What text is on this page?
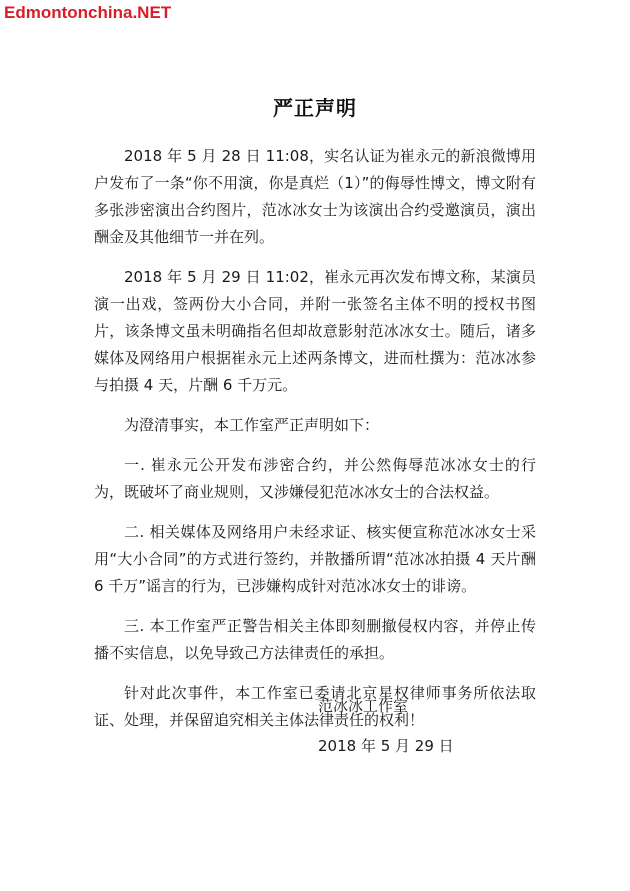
Edmontonchina.NET
严正声明

2018 年 5 月 28 日 11:08，实名认证为崔永元的新浪微博用户发布了一条“你不用演，你是真烂（1）”的侮辱性博文，博文附有多张涉密演出合约图片，范冰冰女士为该演出合约受邀演员，演出酬金及其他细节一并在列。

2018 年 5 月 29 日 11:02，崔永元再次发布博文称，某演员演一出戏，签两份大小合同，并附一张签名主体不明的授权书图片，该条博文虽未明确指名但却故意影射范冰冰女士。随后，诸多媒体及网络用户根据崔永元上述两条博文，进而杜撰为：范冰冰参与拍摄 4 天，片酬 6 千万元。

为澄清事实，本工作室严正声明如下：

一. 崔永元公开发布涉密合约，并公然侮辱范冰冰女士的行为，既破坏了商业规则，又涉嫌侵犯范冰冰女士的合法权益。

二. 相关媒体及网络用户未经求证、核实便宣称范冰冰女士采用“大小合同”的方式进行签约，并散播所谓“范冰冰拍摄 4 天片酬 6 千万”谣言的行为，已涉嫌构成针对范冰冰女士的诽谤。

三. 本工作室严正警告相关主体即刻删撤侵权内容，并停止传播不实信息，以免导致己方法律责任的承担。

针对此次事件，本工作室已委请北京星权律师事务所依法取证、处理，并保留追究相关主体法律责任的权利！

范冰冰工作室
2018 年 5 月 29 日
